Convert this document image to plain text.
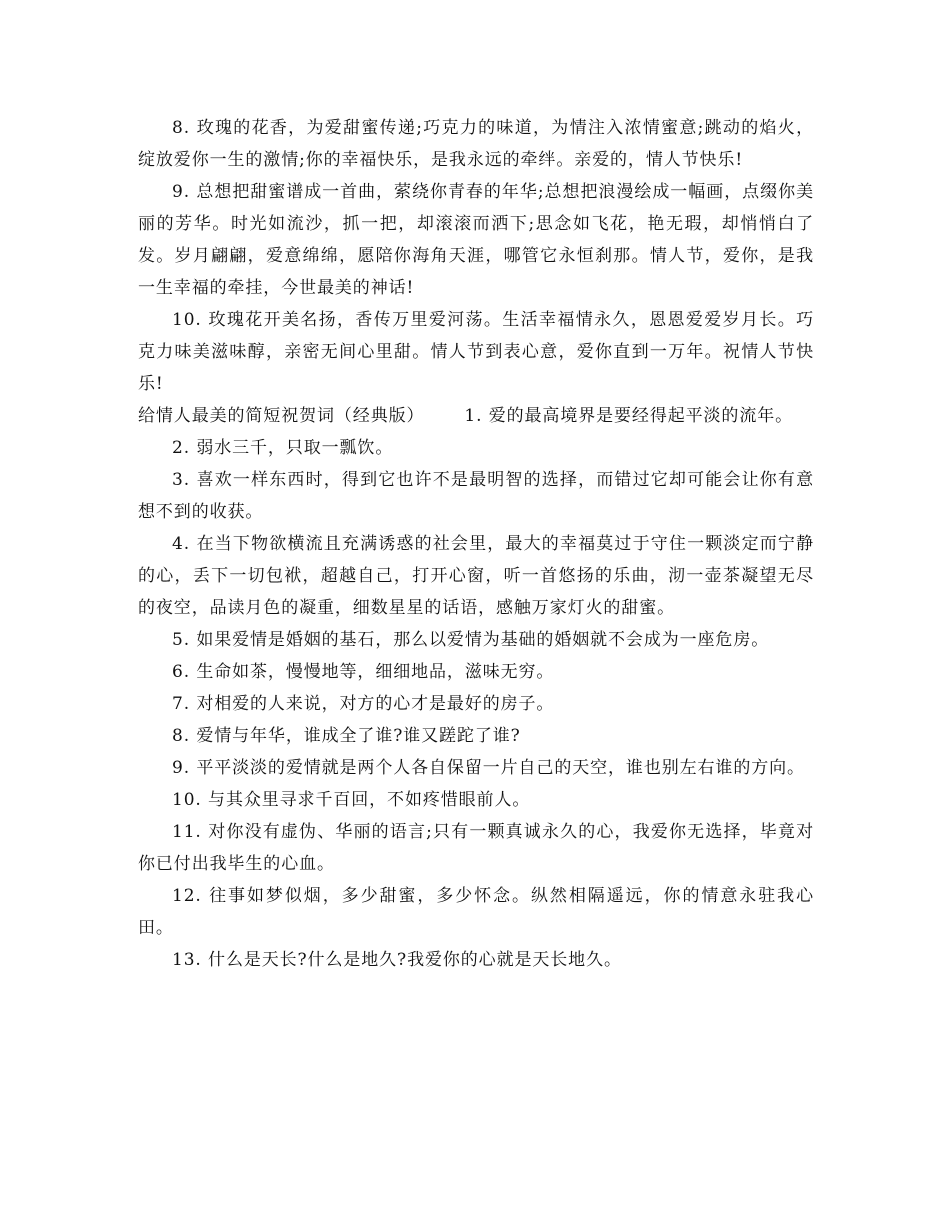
8. 玫瑰的花香，为爱甜蜜传递;巧克力的味道，为情注入浓情蜜意;跳动的焰火，绽放爱你一生的激情;你的幸福快乐，是我永远的牵绊。亲爱的，情人节快乐!

9. 总想把甜蜜谱成一首曲，萦绕你青春的年华;总想把浪漫绘成一幅画，点缀你美丽的芳华。时光如流沙，抓一把，却滚滚而洒下;思念如飞花，艳无瑕，却悄悄白了发。岁月翩翩，爱意绵绵，愿陪你海角天涯，哪管它永恒刹那。情人节，爱你，是我一生幸福的牵挂，今世最美的神话!

10. 玫瑰花开美名扬，香传万里爱河荡。生活幸福情永久，恩恩爱爱岁月长。巧克力味美滋味醇，亲密无间心里甜。情人节到表心意，爱你直到一万年。祝情人节快乐!

给情人最美的简短祝贺词（经典版） 1. 爱的最高境界是要经得起平淡的流年。

2. 弱水三千，只取一瓢饮。

3. 喜欢一样东西时，得到它也许不是最明智的选择，而错过它却可能会让你有意想不到的收获。

4. 在当下物欲横流且充满诱惑的社会里，最大的幸福莫过于守住一颗淡定而宁静的心，丢下一切包袱，超越自己，打开心窗，听一首悠扬的乐曲，沏一壶茶凝望无尽的夜空，品读月色的凝重，细数星星的话语，感触万家灯火的甜蜜。

5. 如果爱情是婚姻的基石，那么以爱情为基础的婚姻就不会成为一座危房。

6. 生命如茶，慢慢地等，细细地品，滋味无穷。

7. 对相爱的人来说，对方的心才是最好的房子。

8. 爱情与年华，谁成全了谁?谁又蹉跎了谁?

9. 平平淡淡的爱情就是两个人各自保留一片自己的天空，谁也别左右谁的方向。

10. 与其众里寻求千百回，不如疼惜眼前人。

11. 对你没有虚伪、华丽的语言;只有一颗真诚永久的心，我爱你无选择，毕竟对你已付出我毕生的心血。

12. 往事如梦似烟，多少甜蜜，多少怀念。纵然相隔遥远，你的情意永驻我心田。

13. 什么是天长?什么是地久?我爱你的心就是天长地久。
